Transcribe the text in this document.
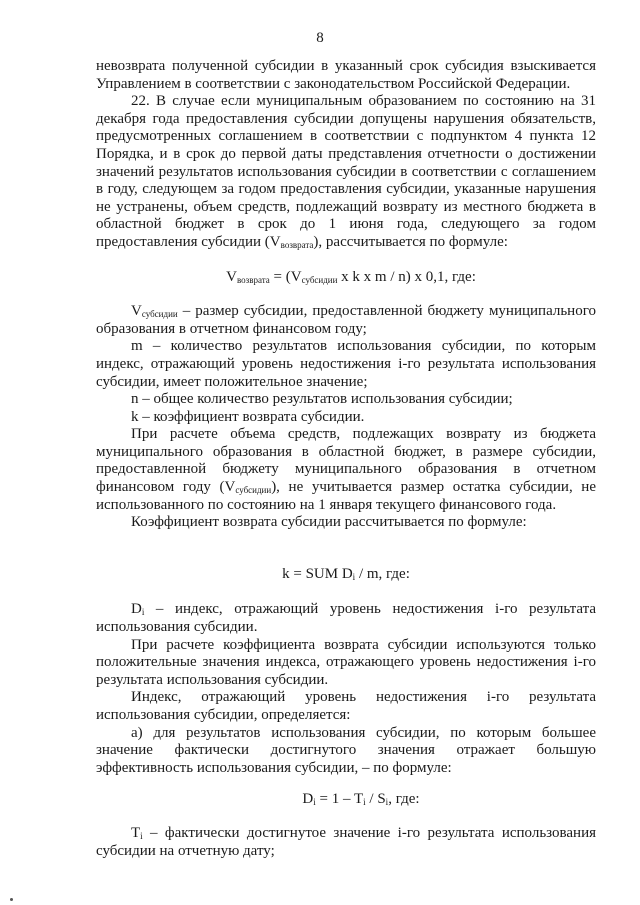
8

невозврата полученной субсидии в указанный срок субсидия взыскивается Управлением в соответствии с законодательством Российской Федерации.

22. В случае если муниципальным образованием по состоянию на 31 декабря года предоставления субсидии допущены нарушения обязательств, предусмотренных соглашением в соответствии с подпунктом 4 пункта 12 Порядка, и в срок до первой даты представления отчетности о достижении значений результатов использования субсидии в соответствии с соглашением в году, следующем за годом предоставления субсидии, указанные нарушения не устранены, объем средств, подлежащий возврату из местного бюджета в областной бюджет в срок до 1 июня года, следующего за годом предоставления субсидии $(V_{возврата})$, рассчитывается по формуле:

$V_{возврата} = (V_{субсидии}$ x k x m / n) x 0,1, где:

$V_{субсидии}$ – размер субсидии, предоставленной бюджету муниципального образования в отчетном финансовом году;

m – количество результатов использования субсидии, по которым индекс, отражающий уровень недостижения i-го результата использования субсидии, имеет положительное значение;

n – общее количество результатов использования субсидии;

k – коэффициент возврата субсидии.

При расчете объема средств, подлежащих возврату из бюджета муниципального образования в областной бюджет, в размере субсидии, предоставленной бюджету муниципального образования в отчетном финансовом году $(V_{субсидии})$, не учитывается размер остатка субсидии, не использованного по состоянию на 1 января текущего финансового года.

Коэффициент возврата субсидии рассчитывается по формуле:

k = SUM $D_i$ / m, где:

$D_i$ – индекс, отражающий уровень недостижения i-го результата использования субсидии.

При расчете коэффициента возврата субсидии используются только положительные значения индекса, отражающего уровень недостижения i-го результата использования субсидии.

Индекс, отражающий уровень недостижения i-го результата использования субсидии, определяется:

а) для результатов использования субсидии, по которым большее значение фактически достигнутого значения отражает большую эффективность использования субсидии, – по формуле:

$D_i = 1 - T_i / S_i$, где:

$T_i$ – фактически достигнутое значение i-го результата использования субсидии на отчетную дату;
